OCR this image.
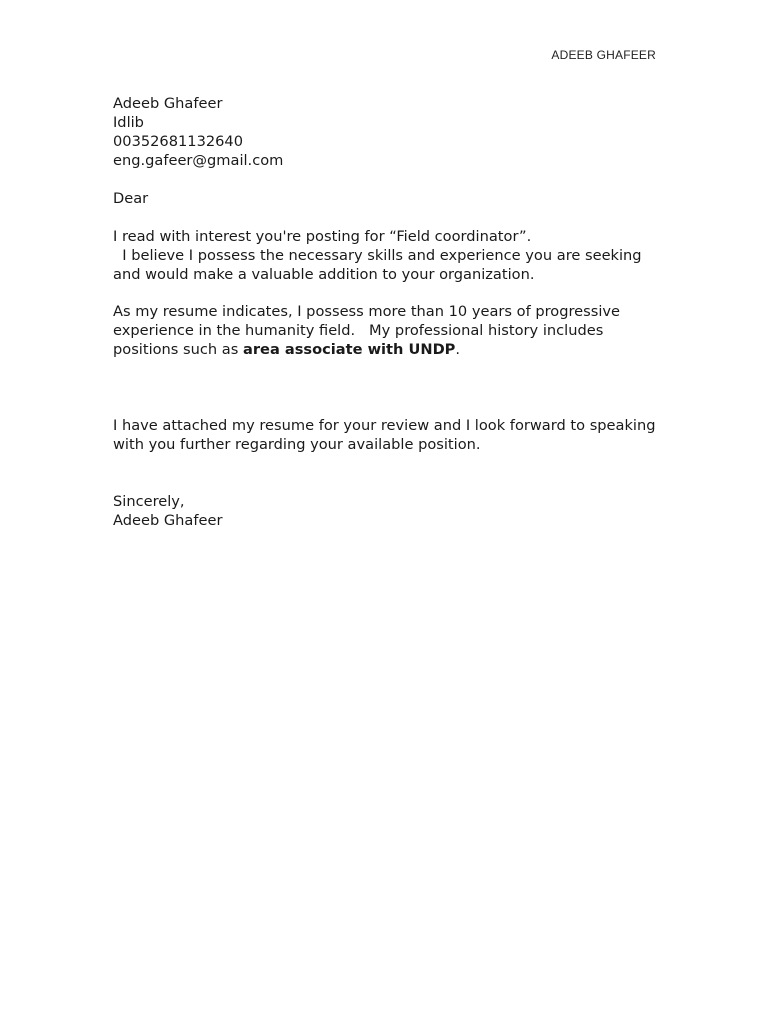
ADEEB GHAFEER
Adeeb Ghafeer
Idlib
00352681132640
eng.gafeer@gmail.com
Dear
I read with interest you're posting for “Field coordinator”.
I believe I possess the necessary skills and experience you are seeking
and would make a valuable addition to your organization.
As my resume indicates, I possess more than 10 years of progressive
experience in the humanity field.   My professional history includes
positions such as area associate with UNDP.
I have attached my resume for your review and I look forward to speaking
with you further regarding your available position.
Sincerely,
Adeeb Ghafeer
